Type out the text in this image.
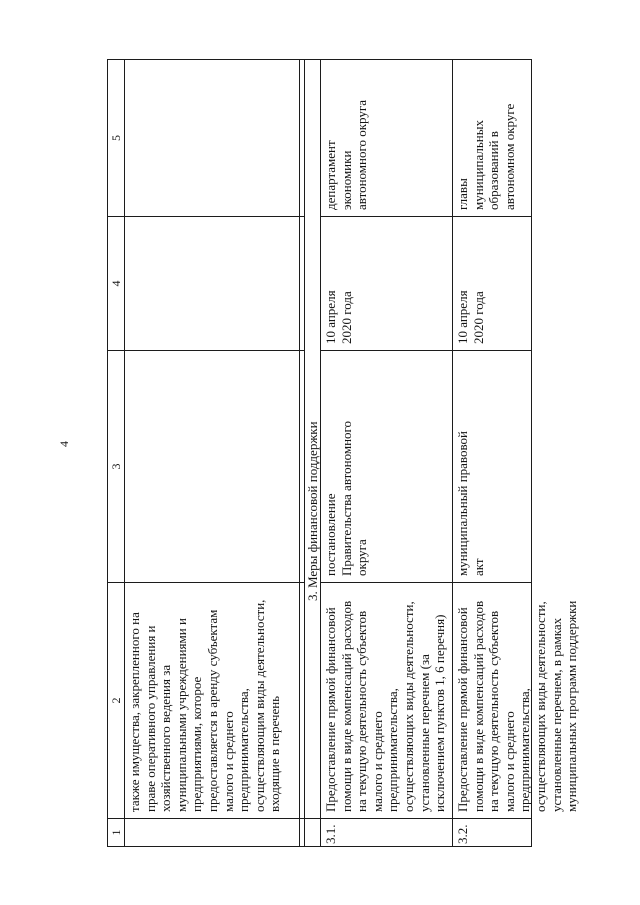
4
1
2
3
4
5
также имущества, закрепленного на
праве оперативного управления и
хозяйственного ведения за
муниципальными учреждениями и
предприятиями, которое
предоставляется в аренду субъектам
малого и среднего
предпринимательства,
осуществляющим виды деятельности,
входящие в перечень
3. Меры финансовой поддержки
3.1.
Предоставление прямой финансовой
помощи в виде компенсаций расходов
на текущую деятельность субъектов
малого и среднего
предпринимательства,
осуществляющих виды деятельности,
установленные перечнем (за
исключением пунктов 1, 6 перечня)
постановление
Правительства автономного
округа
10 апреля
2020 года
департамент
экономики
автономного округа
3.2.
Предоставление прямой финансовой
помощи в виде компенсаций расходов
на текущую деятельность субъектов
малого и среднего
предпринимательства,
осуществляющих виды деятельности,
установленные перечнем, в рамках
муниципальных программ поддержки
муниципальный правовой
акт
10 апреля
2020 года
главы
муниципальных
образований в
автономном округе
